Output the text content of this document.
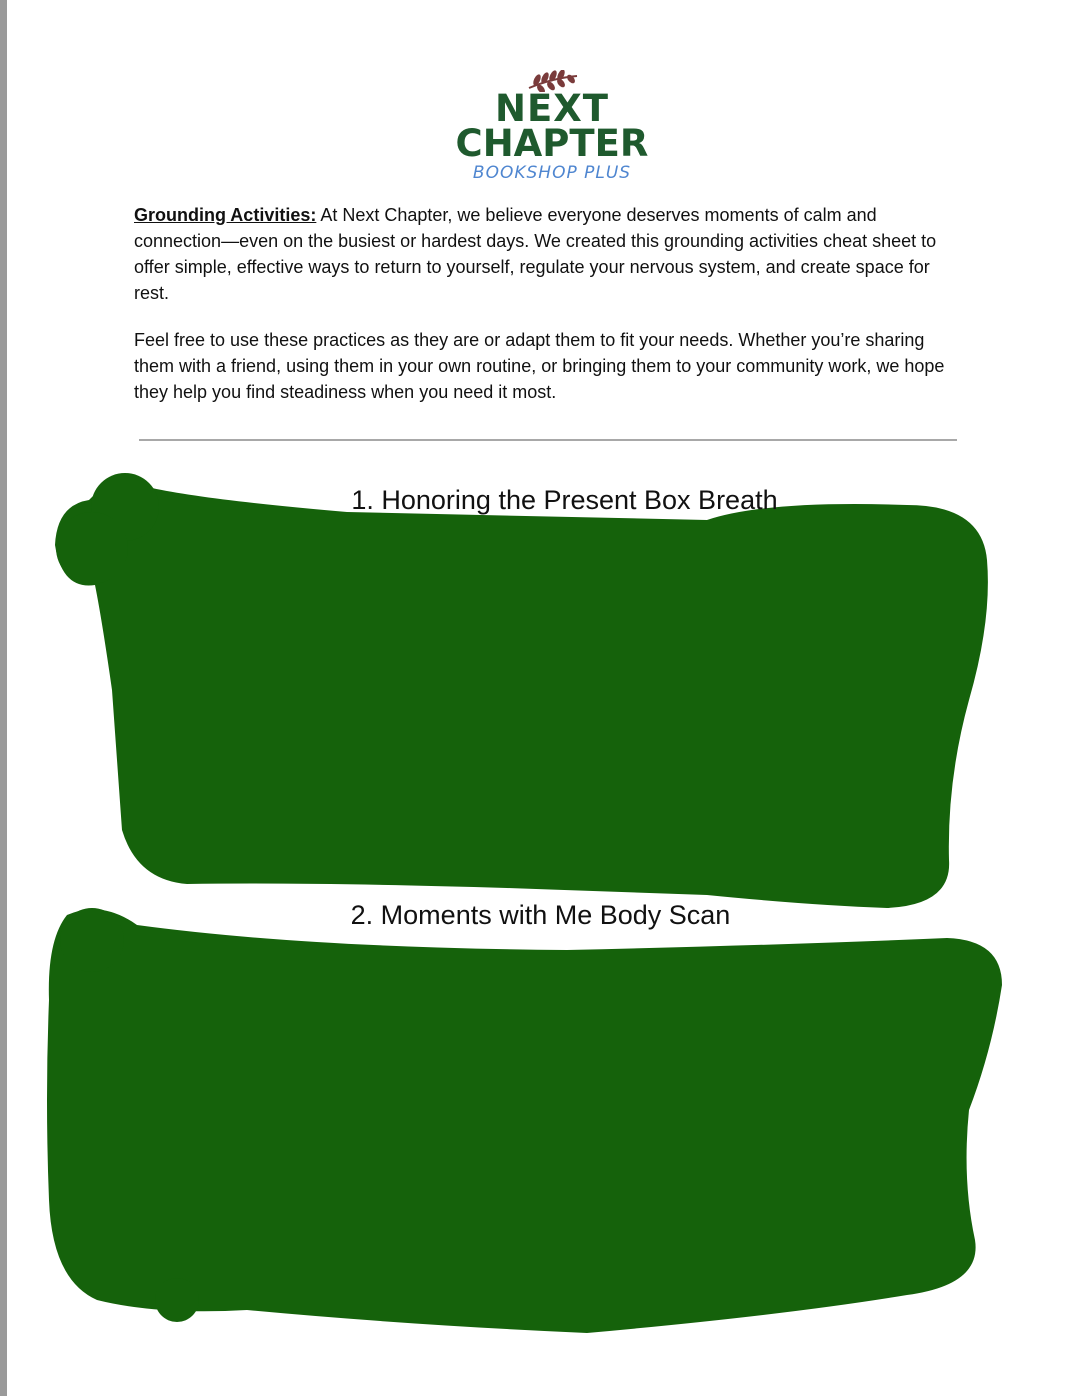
NEXT
CHAPTER
BOOKSHOP PLUS

Grounding Activities: At Next Chapter, we believe everyone deserves moments of calm and connection—even on the busiest or hardest days. We created this grounding activities cheat sheet to offer simple, effective ways to return to yourself, regulate your nervous system, and create space for rest.

Feel free to use these practices as they are or adapt them to fit your needs. Whether you’re sharing them with a friend, using them in your own routine, or bringing them to your community work, we hope they help you find steadiness when you need it most.

1. Honoring the Present Box Breath
2. Moments with Me Body Scan
